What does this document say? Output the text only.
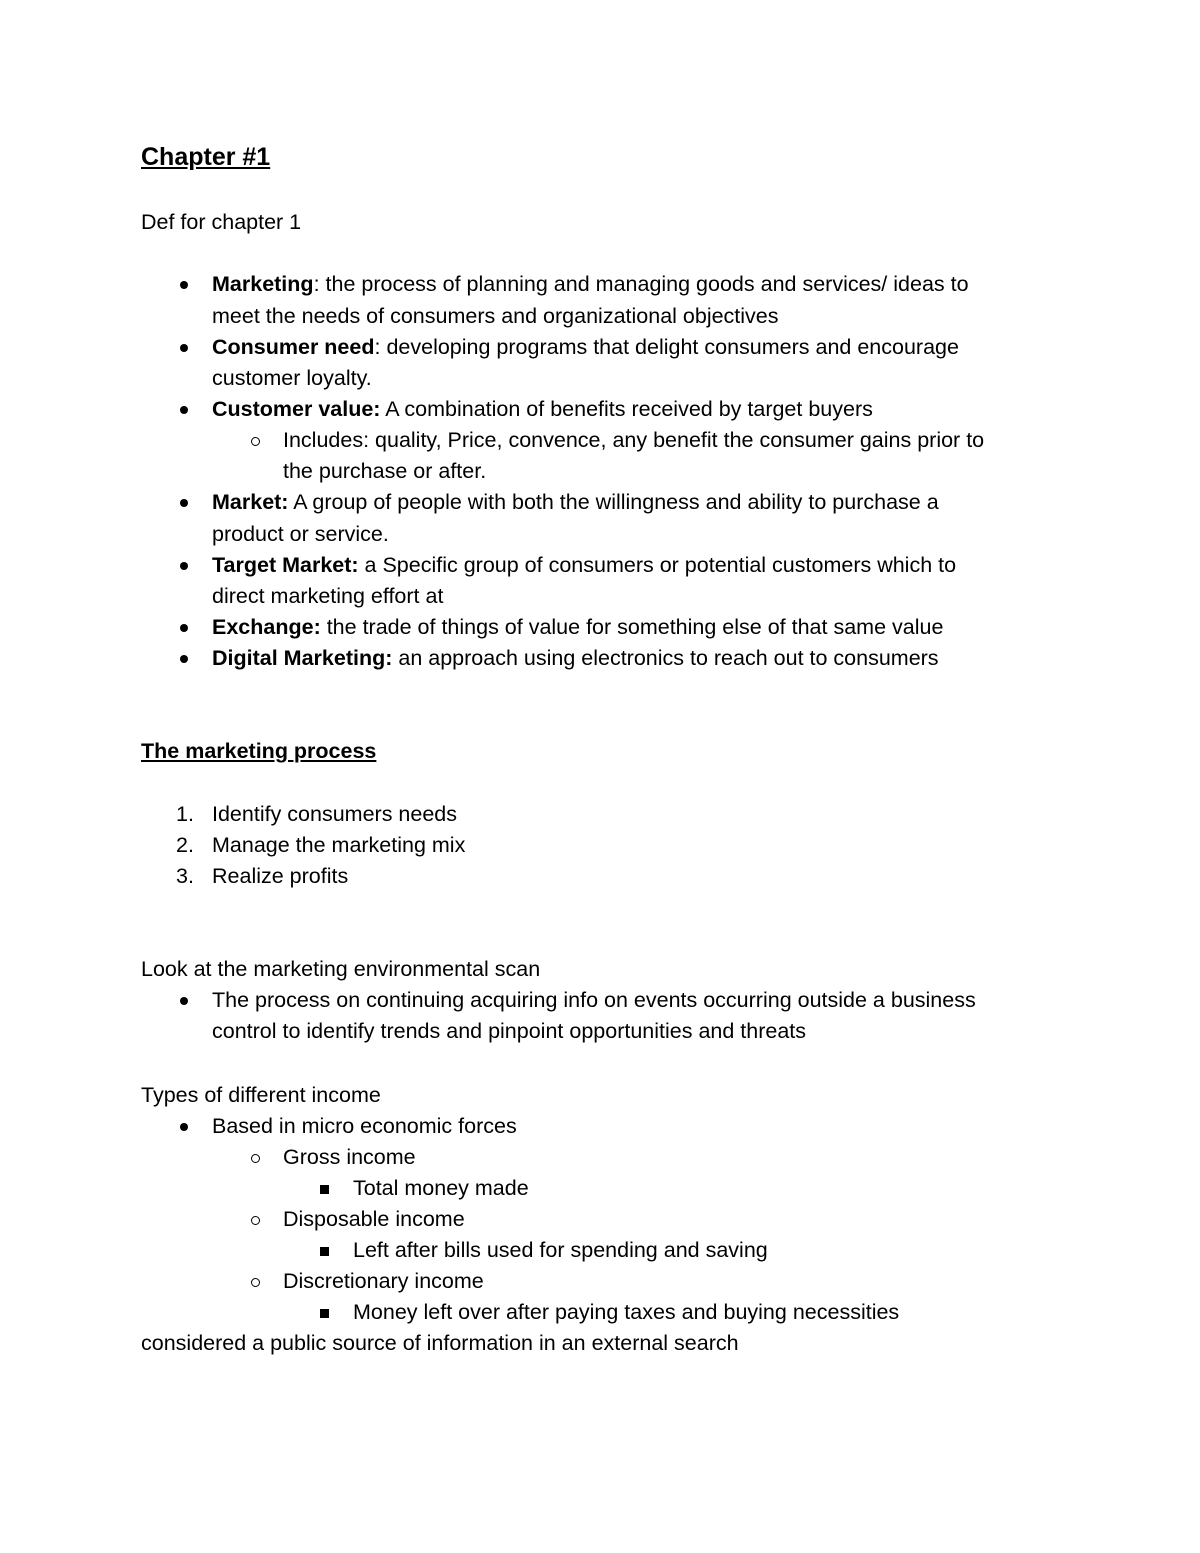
Chapter #1
Def for chapter 1
Marketing: the process of planning and managing goods and services/ ideas to
meet the needs of consumers and organizational objectives
Consumer need: developing programs that delight consumers and encourage
customer loyalty.
Customer value: A combination of benefits received by target buyers
Includes: quality, Price, convence, any benefit the consumer gains prior to
the purchase or after.
Market: A group of people with both the willingness and ability to purchase a
product or service.
Target Market: a Specific group of consumers or potential customers which to
direct marketing effort at
Exchange: the trade of things of value for something else of that same value
Digital Marketing: an approach using electronics to reach out to consumers
The marketing process
1. Identify consumers needs
2. Manage the marketing mix
3. Realize profits
Look at the marketing environmental scan
The process on continuing acquiring info on events occurring outside a business
control to identify trends and pinpoint opportunities and threats
Types of different income
Based in micro economic forces
Gross income
Total money made
Disposable income
Left after bills used for spending and saving
Discretionary income
Money left over after paying taxes and buying necessities
considered a public source of information in an external search
